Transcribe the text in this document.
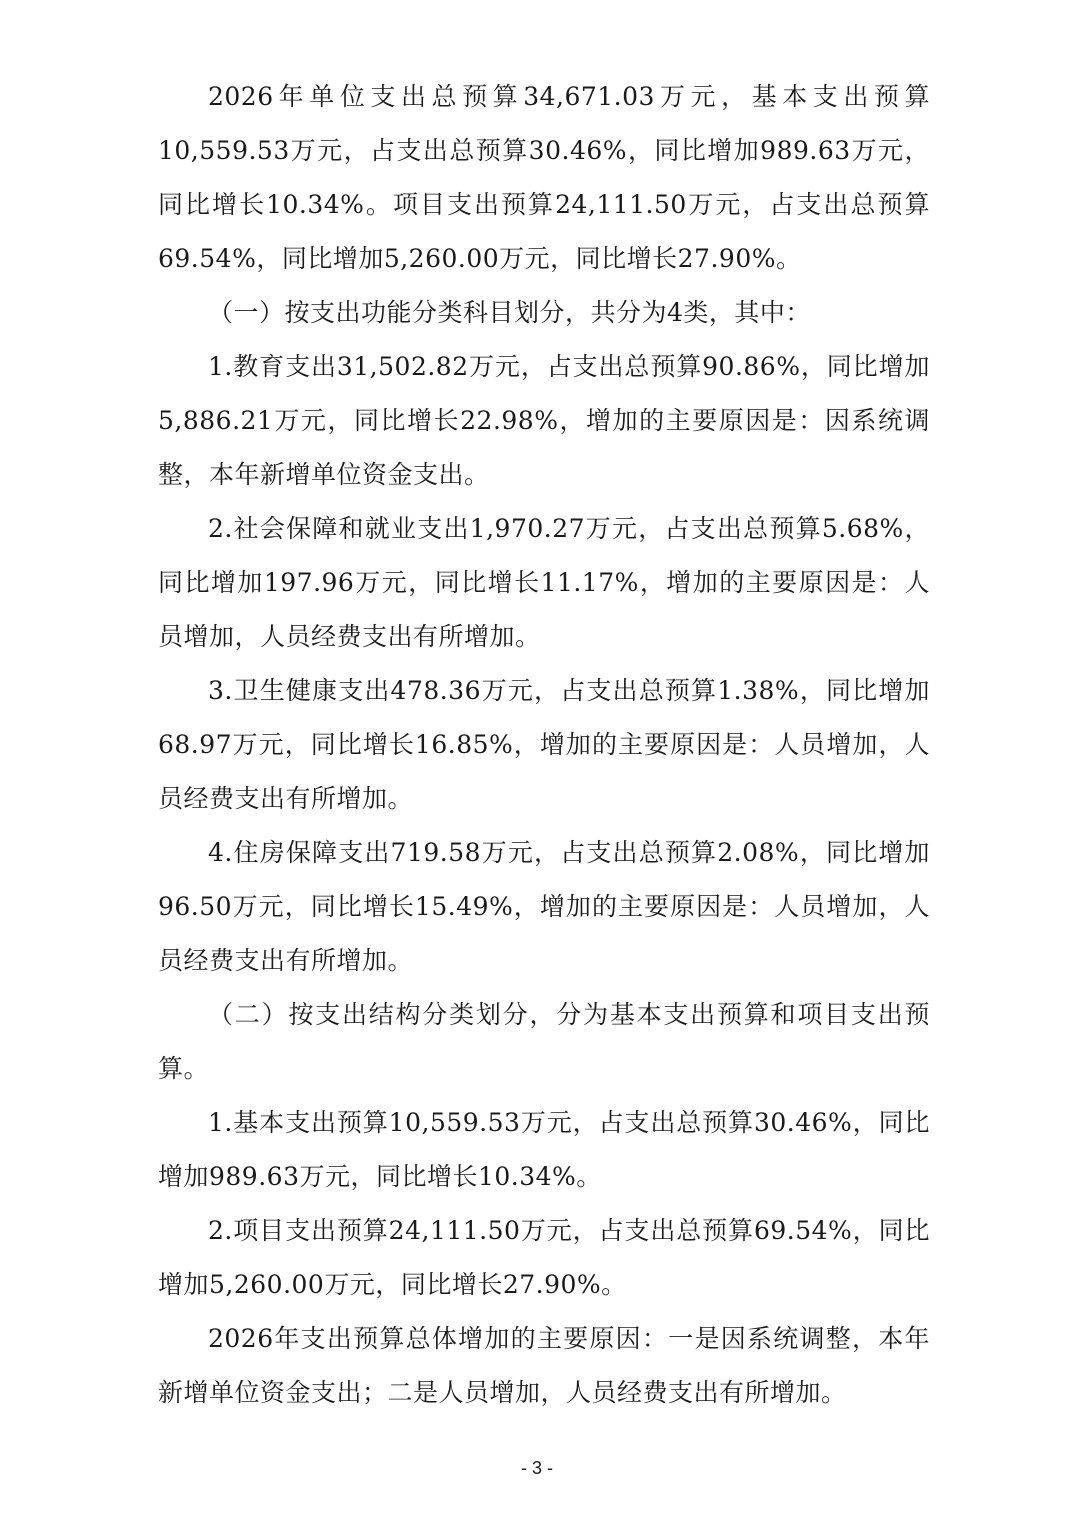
2026年单位支出总预算34,671.03万元，基本支出预算10,559.53万元，占支出总预算30.46%，同比增加989.63万元，同比增长10.34%。项目支出预算24,111.50万元，占支出总预算69.54%，同比增加5,260.00万元，同比增长27.90%。

（一）按支出功能分类科目划分，共分为4类，其中：

1.教育支出31,502.82万元，占支出总预算90.86%，同比增加5,886.21万元，同比增长22.98%，增加的主要原因是：因系统调整，本年新增单位资金支出。

2.社会保障和就业支出1,970.27万元，占支出总预算5.68%，同比增加197.96万元，同比增长11.17%，增加的主要原因是：人员增加，人员经费支出有所增加。

3.卫生健康支出478.36万元，占支出总预算1.38%，同比增加68.97万元，同比增长16.85%，增加的主要原因是：人员增加，人员经费支出有所增加。

4.住房保障支出719.58万元，占支出总预算2.08%，同比增加96.50万元，同比增长15.49%，增加的主要原因是：人员增加，人员经费支出有所增加。

（二）按支出结构分类划分，分为基本支出预算和项目支出预算。

1.基本支出预算10,559.53万元，占支出总预算30.46%，同比增加989.63万元，同比增长10.34%。

2.项目支出预算24,111.50万元，占支出总预算69.54%，同比增加5,260.00万元，同比增长27.90%。

2026年支出预算总体增加的主要原因：一是因系统调整，本年新增单位资金支出；二是人员增加，人员经费支出有所增加。

- 3 -
